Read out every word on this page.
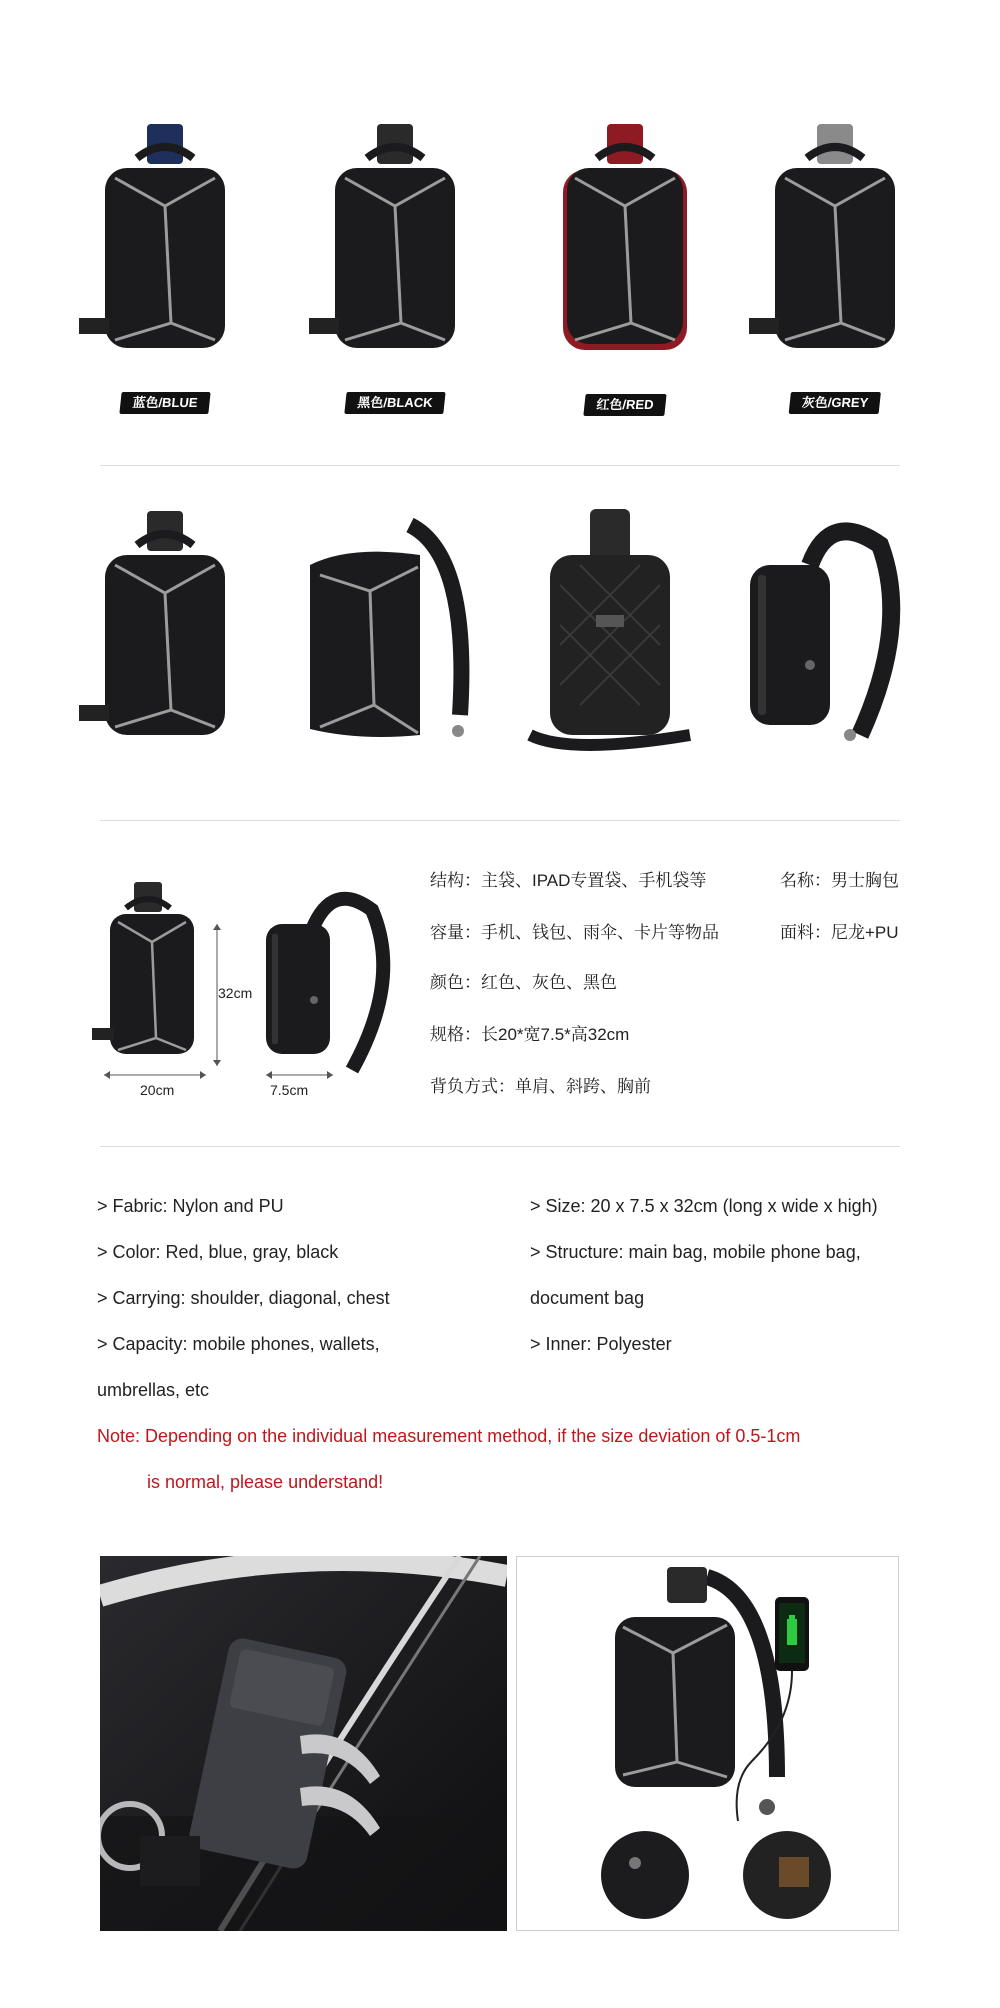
蓝色/BLUE	黑色/BLACK	红色/RED	灰色/GREY
32cm
20cm	7.5cm
结构：主袋、IPAD专置袋、手机袋等	名称：男士胸包
容量：手机、钱包、雨伞、卡片等物品	面料：尼龙+PU
颜色：红色、灰色、黑色
规格：长20*宽7.5*高32cm
背负方式：单肩、斜跨、胸前
> Fabric: Nylon and PU	> Size: 20 x 7.5 x 32cm (long x wide x high)
> Color: Red, blue, gray, black	> Structure: main bag, mobile phone bag,
> Carrying: shoulder, diagonal, chest	document bag
> Capacity: mobile phones, wallets,	> Inner: Polyester
umbrellas, etc
Note: Depending on the individual measurement method, if the size deviation of 0.5-1cm
is normal, please understand!
